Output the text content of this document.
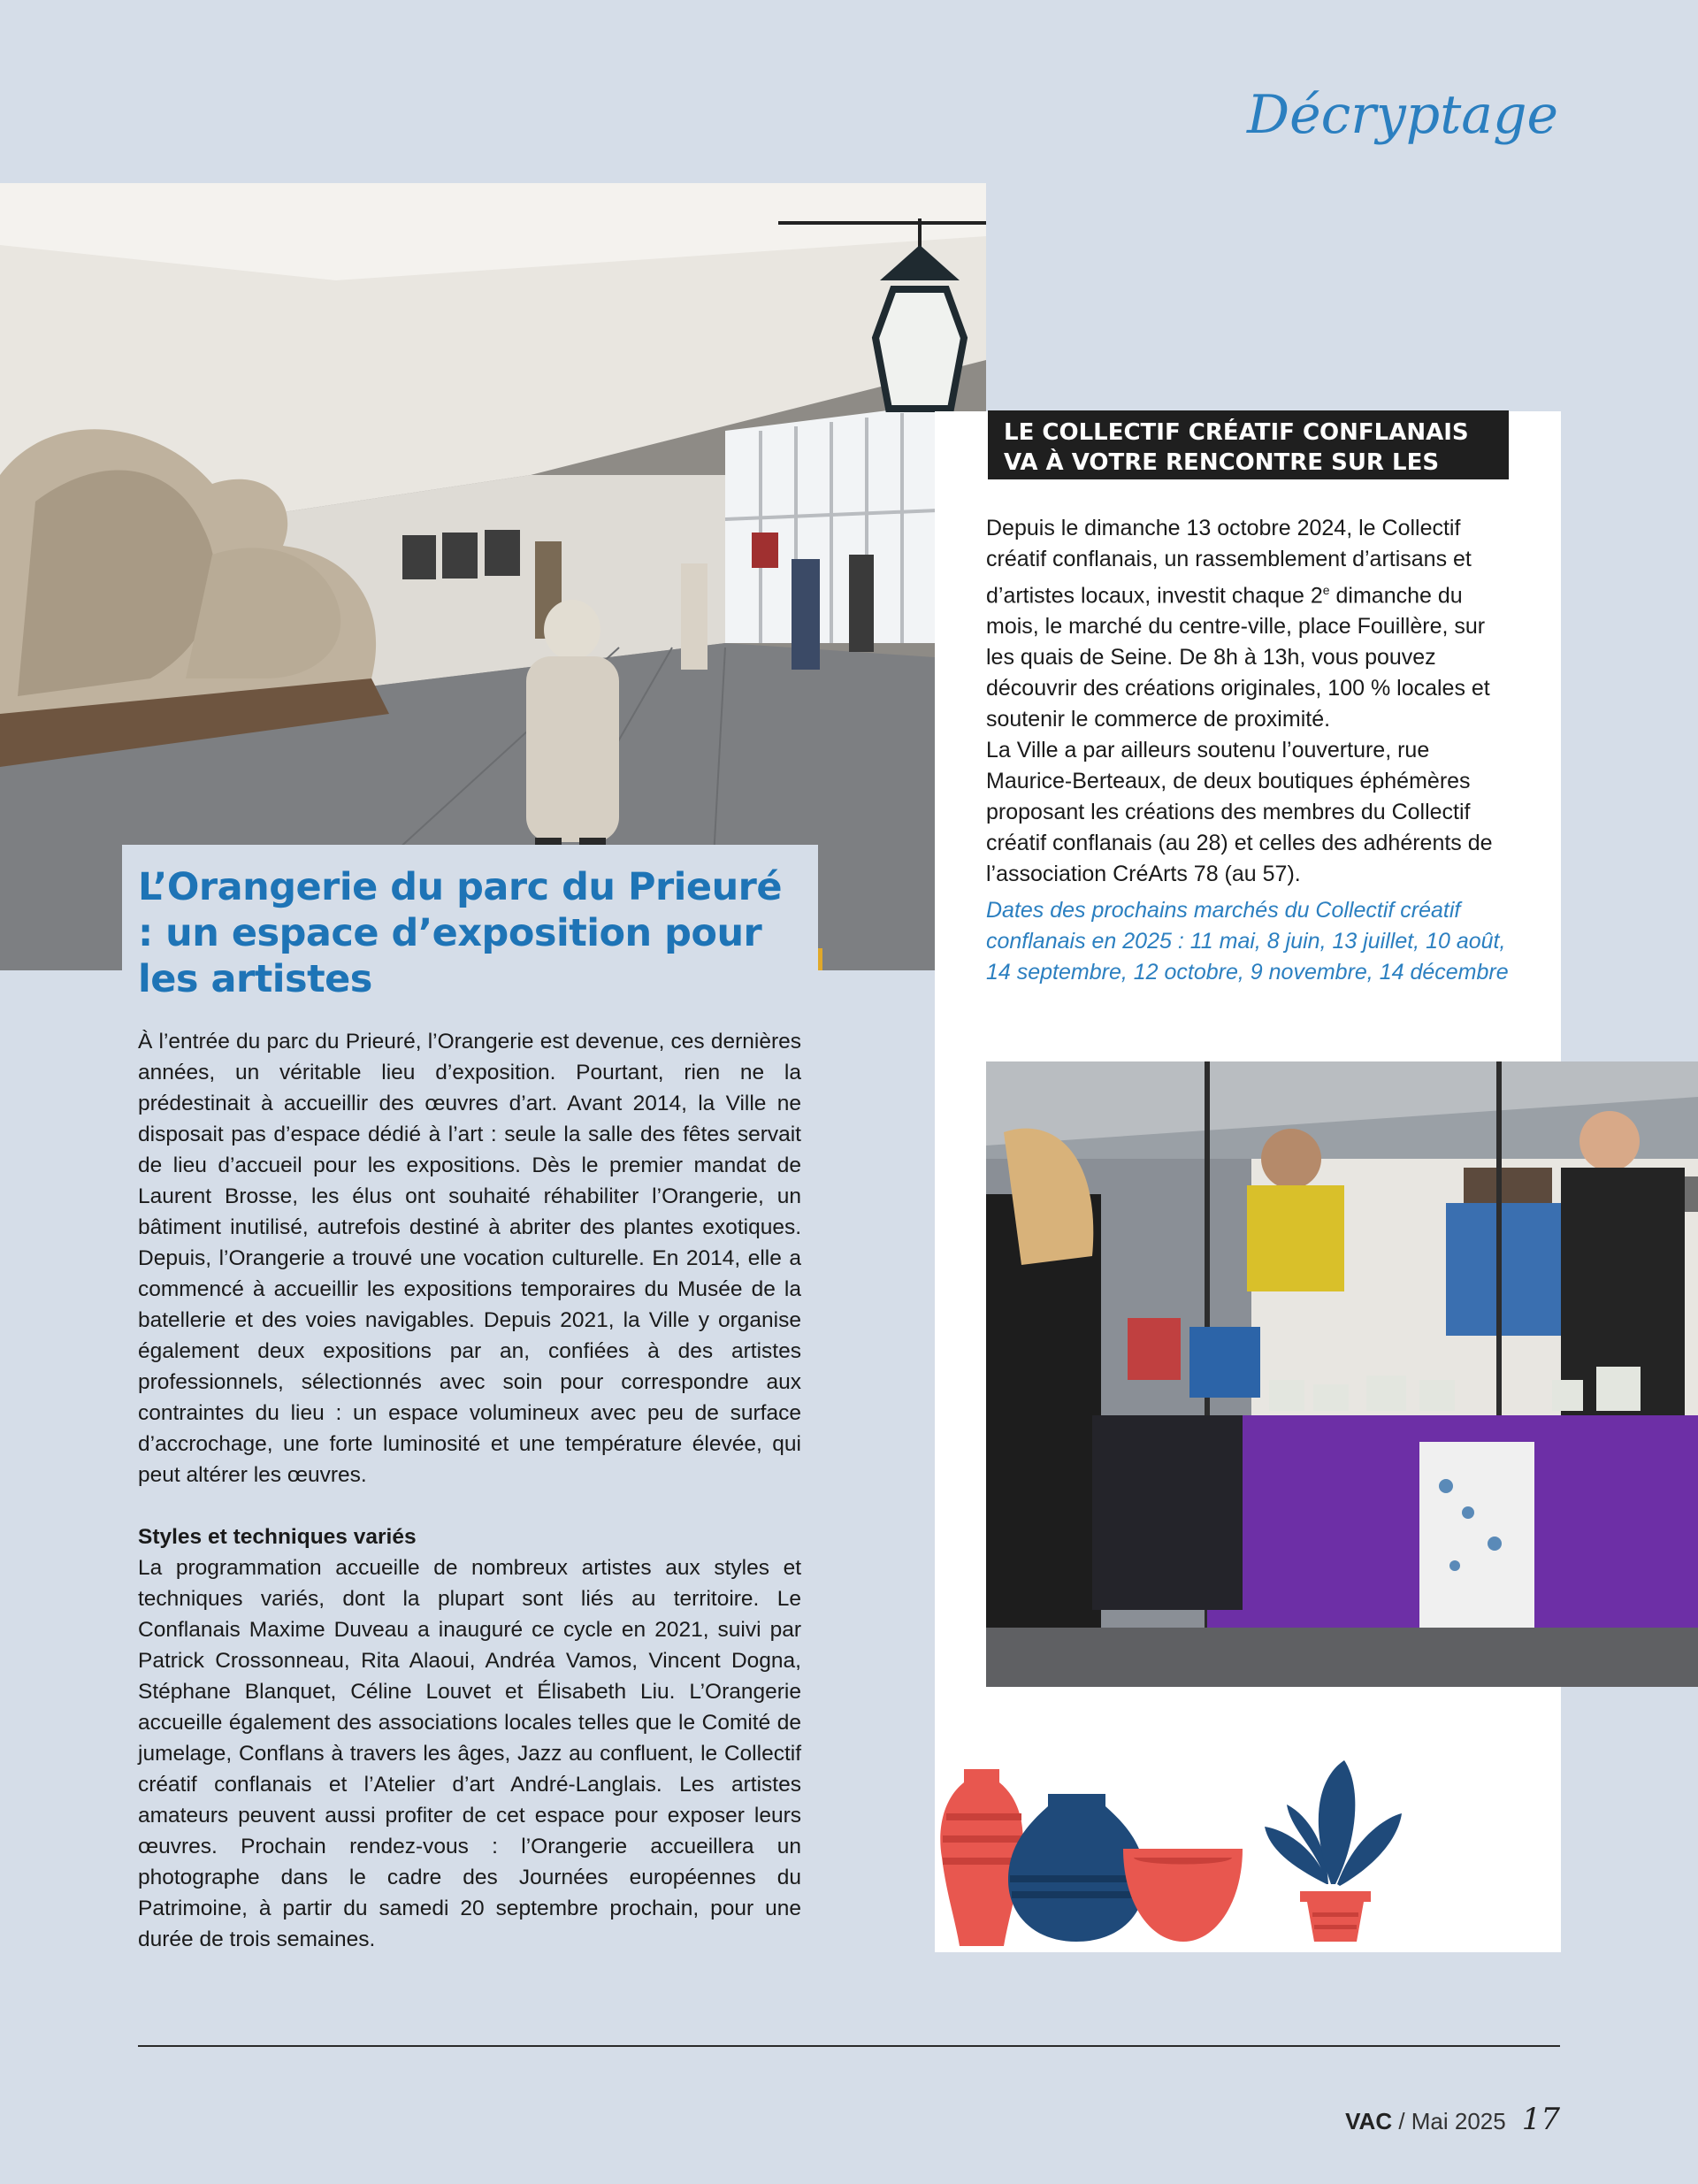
Décryptage
L’Orangerie du parc du Prieuré : un espace d’exposition pour les artistes

À l’entrée du parc du Prieuré, l’Orangerie est devenue, ces dernières années, un véritable lieu d’exposition. Pourtant, rien ne la prédestinait à accueillir des œuvres d’art. Avant 2014, la Ville ne disposait pas d’espace dédié à l’art : seule la salle des fêtes servait de lieu d’accueil pour les expositions. Dès le premier mandat de Laurent Brosse, les élus ont souhaité réhabiliter l’Orangerie, un bâtiment inutilisé, autrefois destiné à abriter des plantes exotiques. Depuis, l’Orangerie a trouvé une vocation culturelle. En 2014, elle a commencé à accueillir les expositions temporaires du Musée de la batellerie et des voies navigables. Depuis 2021, la Ville y organise également deux expositions par an, confiées à des artistes professionnels, sélectionnés avec soin pour correspondre aux contraintes du lieu : un espace volumineux avec peu de surface d’accrochage, une forte luminosité et une température élevée, qui peut altérer les œuvres.

Styles et techniques variés

La programmation accueille de nombreux artistes aux styles et techniques variés, dont la plupart sont liés au territoire. Le Conflanais Maxime Duveau a inauguré ce cycle en 2021, suivi par Patrick Crossonneau, Rita Alaoui, Andréa Vamos, Vincent Dogna, Stéphane Blanquet, Céline Louvet et Élisabeth Liu. L’Orangerie accueille également des associations locales telles que le Comité de jumelage, Conflans à travers les âges, Jazz au confluent, le Collectif créatif conflanais et l’Atelier d’art André-Langlais. Les artistes amateurs peuvent aussi profiter de cet espace pour exposer leurs œuvres. Prochain rendez-vous : l’Orangerie accueillera un photographe dans le cadre des Journées européennes du Patrimoine, à partir du samedi 20 septembre prochain, pour une durée de trois semaines.

LE COLLECTIF CRÉATIF CONFLANAIS
VA À VOTRE RENCONTRE SUR LES QUAIS

Depuis le dimanche 13 octobre 2024, le Collectif créatif conflanais, un rassemblement d’artisans et d’artistes locaux, investit chaque 2e dimanche du mois, le marché du centre-ville, place Fouillère, sur les quais de Seine. De 8h à 13h, vous pouvez découvrir des créations originales, 100 % locales et soutenir le commerce de proximité.

La Ville a par ailleurs soutenu l’ouverture, rue Maurice-Berteaux, de deux boutiques éphémères proposant les créations des membres du Collectif créatif conflanais (au 28) et celles des adhérents de l’association CréArts 78 (au 57).

Dates des prochains marchés du Collectif créatif conflanais en 2025 : 11 mai, 8 juin, 13 juillet, 10 août, 14 septembre, 12 octobre, 9 novembre, 14 décembre

VAC / Mai 2025 17
